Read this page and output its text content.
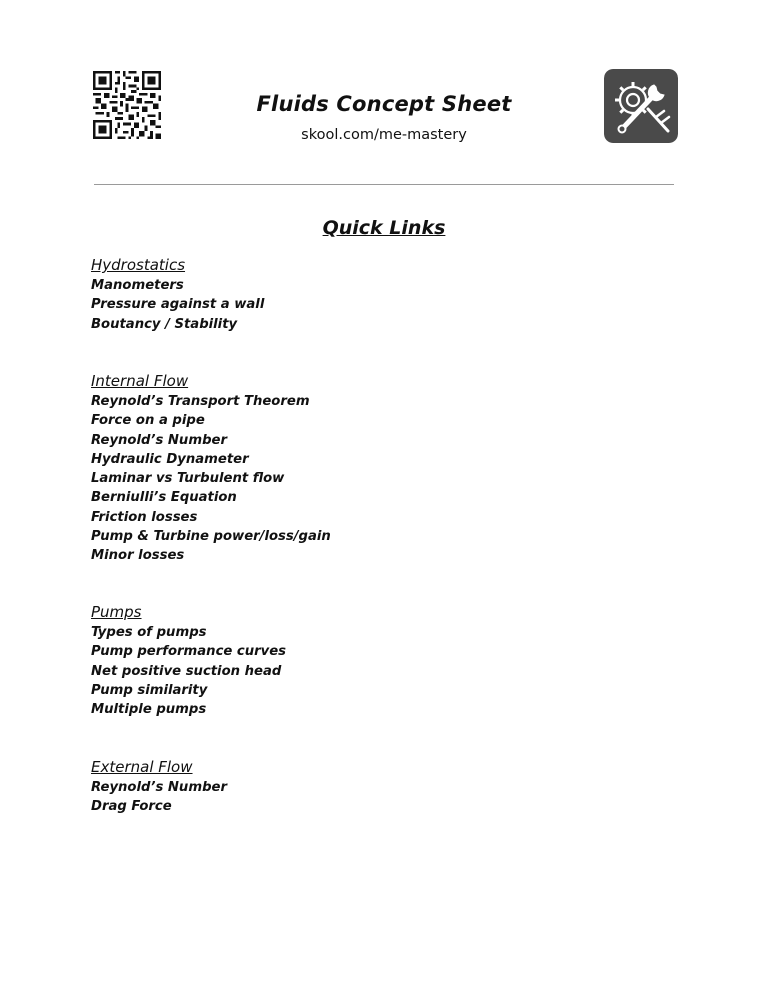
Fluids Concept Sheet
skool.com/me-mastery
Quick Links
Hydrostatics
Manometers
Pressure against a wall
Boutancy / Stability
Internal Flow
Reynold’s Transport Theorem
Force on a pipe
Reynold’s Number
Hydraulic Dynameter
Laminar vs Turbulent flow
Berniulli’s Equation
Friction losses
Pump & Turbine power/loss/gain
Minor losses
Pumps
Types of pumps
Pump performance curves
Net positive suction head
Pump similarity
Multiple pumps
External Flow
Reynold’s Number
Drag Force
